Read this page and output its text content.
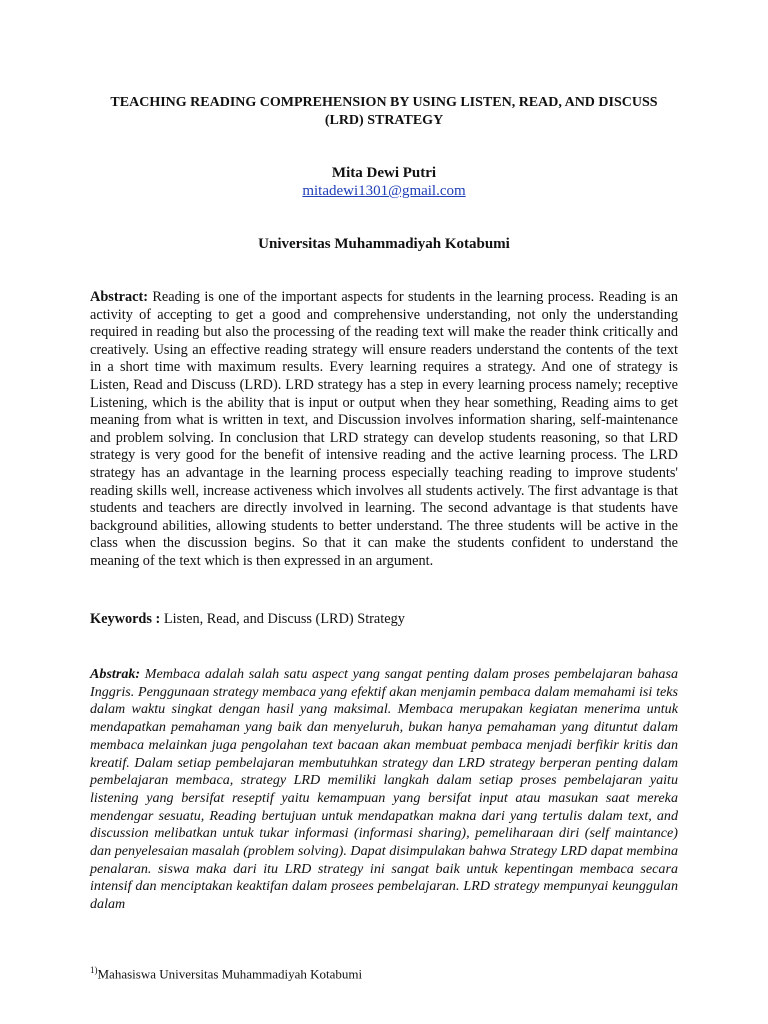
TEACHING READING COMPREHENSION BY USING LISTEN, READ, AND DISCUSS (LRD) STRATEGY

Mita Dewi Putri

mitadewi1301@gmail.com

Universitas Muhammadiyah Kotabumi

Abstract: Reading is one of the important aspects for students in the learning process. Reading is an activity of accepting to get a good and comprehensive understanding, not only the understanding required in reading but also the processing of the reading text will make the reader think critically and creatively. Using an effective reading strategy will ensure readers understand the contents of the text in a short time with maximum results. Every learning requires a strategy. And one of strategy is Listen, Read and Discuss (LRD). LRD strategy has a step in every learning process namely; receptive Listening, which is the ability that is input or output when they hear something, Reading aims to get meaning from what is written in text, and Discussion involves information sharing, self-maintenance and problem solving. In conclusion that LRD strategy can develop students reasoning, so that LRD strategy is very good for the benefit of intensive reading and the active learning process. The LRD strategy has an advantage in the learning process especially teaching reading to improve students' reading skills well, increase activeness which involves all students actively. The first advantage is that students and teachers are directly involved in learning. The second advantage is that students have background abilities, allowing students to better understand. The three students will be active in the class when the discussion begins. So that it can make the students confident to understand the meaning of the text which is then expressed in an argument.

Keywords : Listen, Read, and Discuss (LRD) Strategy

Abstrak: Membaca adalah salah satu aspect yang sangat penting dalam proses pembelajaran bahasa Inggris. Penggunaan strategy membaca yang efektif akan menjamin pembaca dalam memahami isi teks dalam waktu singkat dengan hasil yang maksimal. Membaca merupakan kegiatan menerima untuk mendapatkan pemahaman yang baik dan menyeluruh, bukan hanya pemahaman yang dituntut dalam membaca melainkan juga pengolahan text bacaan akan membuat pembaca menjadi berfikir kritis dan kreatif. Dalam setiap pembelajaran membutuhkan strategy dan LRD strategy berperan penting dalam pembelajaran membaca, strategy LRD memiliki langkah dalam setiap proses pembelajaran yaitu listening yang bersifat reseptif yaitu kemampuan yang bersifat input atau masukan saat mereka mendengar sesuatu, Reading bertujuan untuk mendapatkan makna dari yang tertulis dalam text, and discussion melibatkan untuk tukar informasi (informasi sharing), pemeliharaan diri (self maintance) dan penyelesaian masalah (problem solving). Dapat disimpulakan bahwa Strategy LRD dapat membina penalaran. siswa maka dari itu LRD strategy ini sangat baik untuk kepentingan membaca secara intensif dan menciptakan keaktifan dalam prosees pembelajaran. LRD strategy mempunyai keunggulan dalam

$^{1)}$Mahasiswa Universitas Muhammadiyah Kotabumi
